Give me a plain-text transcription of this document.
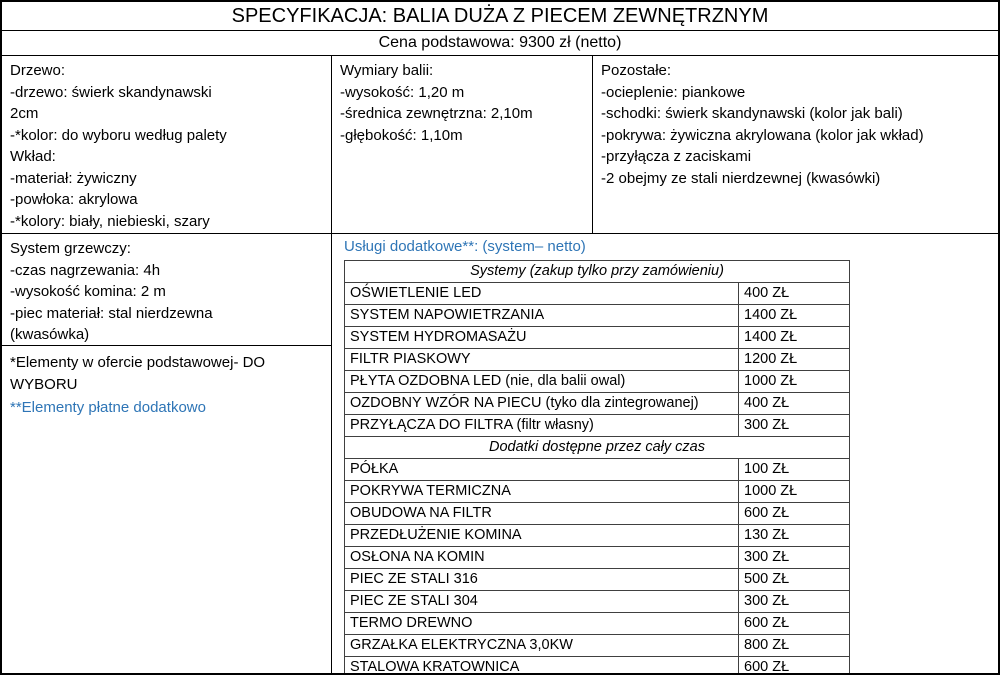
SPECYFIKACJA: BALIA DUŻA Z PIECEM ZEWNĘTRZNYM
Cena podstawowa: 9300 zł (netto)
Drzewo:
-drzewo: świerk skandynawski
2cm
-*kolor: do wyboru według palety
Wkład:
-materiał: żywiczny
-powłoka: akrylowa
-*kolory: biały, niebieski, szary
Wymiary balii:
-wysokość: 1,20 m
-średnica zewnętrzna: 2,10m
-głębokość: 1,10m
Pozostałe:
-ocieplenie: piankowe
-schodki: świerk skandynawski (kolor jak bali)
-pokrywa: żywiczna akrylowana (kolor jak wkład)
-przyłącza z zaciskami
-2 obejmy ze stali nierdzewnej (kwasówki)
System grzewczy:
-czas nagrzewania: 4h
-wysokość komina: 2 m
-piec materiał: stal nierdzewna
(kwasówka)
*Elementy w ofercie podstawowej- DO WYBORU
**Elementy płatne dodatkowo
Usługi dodatkowe**: (system– netto)
Systemy (zakup tylko przy zamówieniu)
OŚWIETLENIE LED	400 ZŁ
SYSTEM NAPOWIETRZANIA	1400 ZŁ
SYSTEM HYDROMASAŻU	1400 ZŁ
FILTR PIASKOWY	1200 ZŁ
PŁYTA OZDOBNA LED (nie, dla balii owal)	1000 ZŁ
OZDOBNY WZÓR NA PIECU (tyko dla zintegrowanej)	400 ZŁ
PRZYŁĄCZA DO FILTRA (filtr własny)	300 ZŁ
Dodatki dostępne przez cały czas
PÓŁKA	100 ZŁ
POKRYWA TERMICZNA	1000 ZŁ
OBUDOWA NA FILTR	600 ZŁ
PRZEDŁUŻENIE KOMINA	130 ZŁ
OSŁONA NA KOMIN	300 ZŁ
PIEC ZE STALI 316	500 ZŁ
PIEC ZE STALI 304	300 ZŁ
TERMO DREWNO	600 ZŁ
GRZAŁKA ELEKTRYCZNA 3,0KW	800 ZŁ
STALOWA KRATOWNICA	600 ZŁ
